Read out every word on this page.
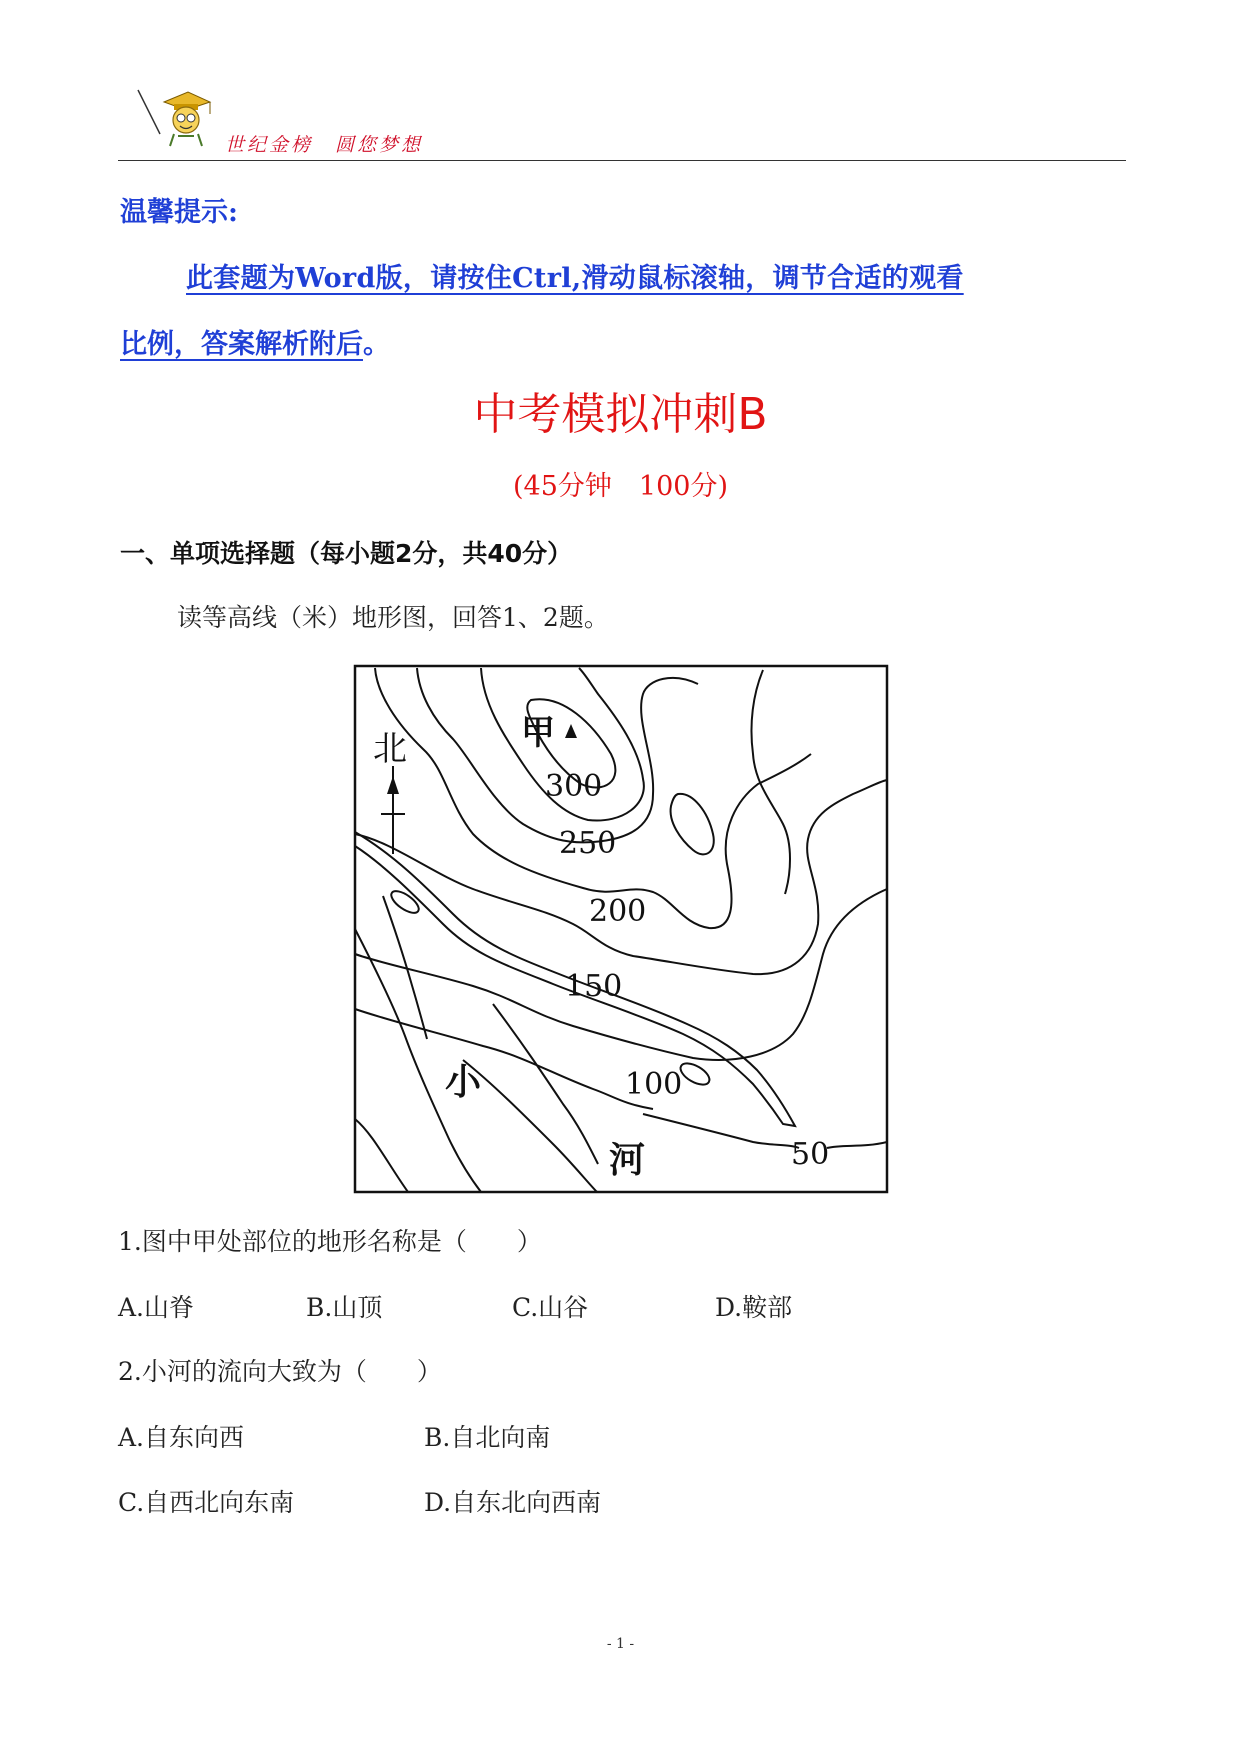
世纪金榜　圆您梦想
温馨提示:
此套题为Word版，请按住Ctrl,滑动鼠标滚轴，调节合适的观看
比例，答案解析附后。
中考模拟冲刺B
(45分钟　100分)
一、单项选择题（每小题2分，共40分）
读等高线（米）地形图，回答1、2题。
北	甲
小
河
300
250
200
150
100
50
1.图中甲处部位的地形名称是（　　）
A.山脊	B.山顶	C.山谷	D.鞍部
2.小河的流向大致为（　　）
A.自东向西	B.自北向南
C.自西北向东南	D.自东北向西南
- 1 -
